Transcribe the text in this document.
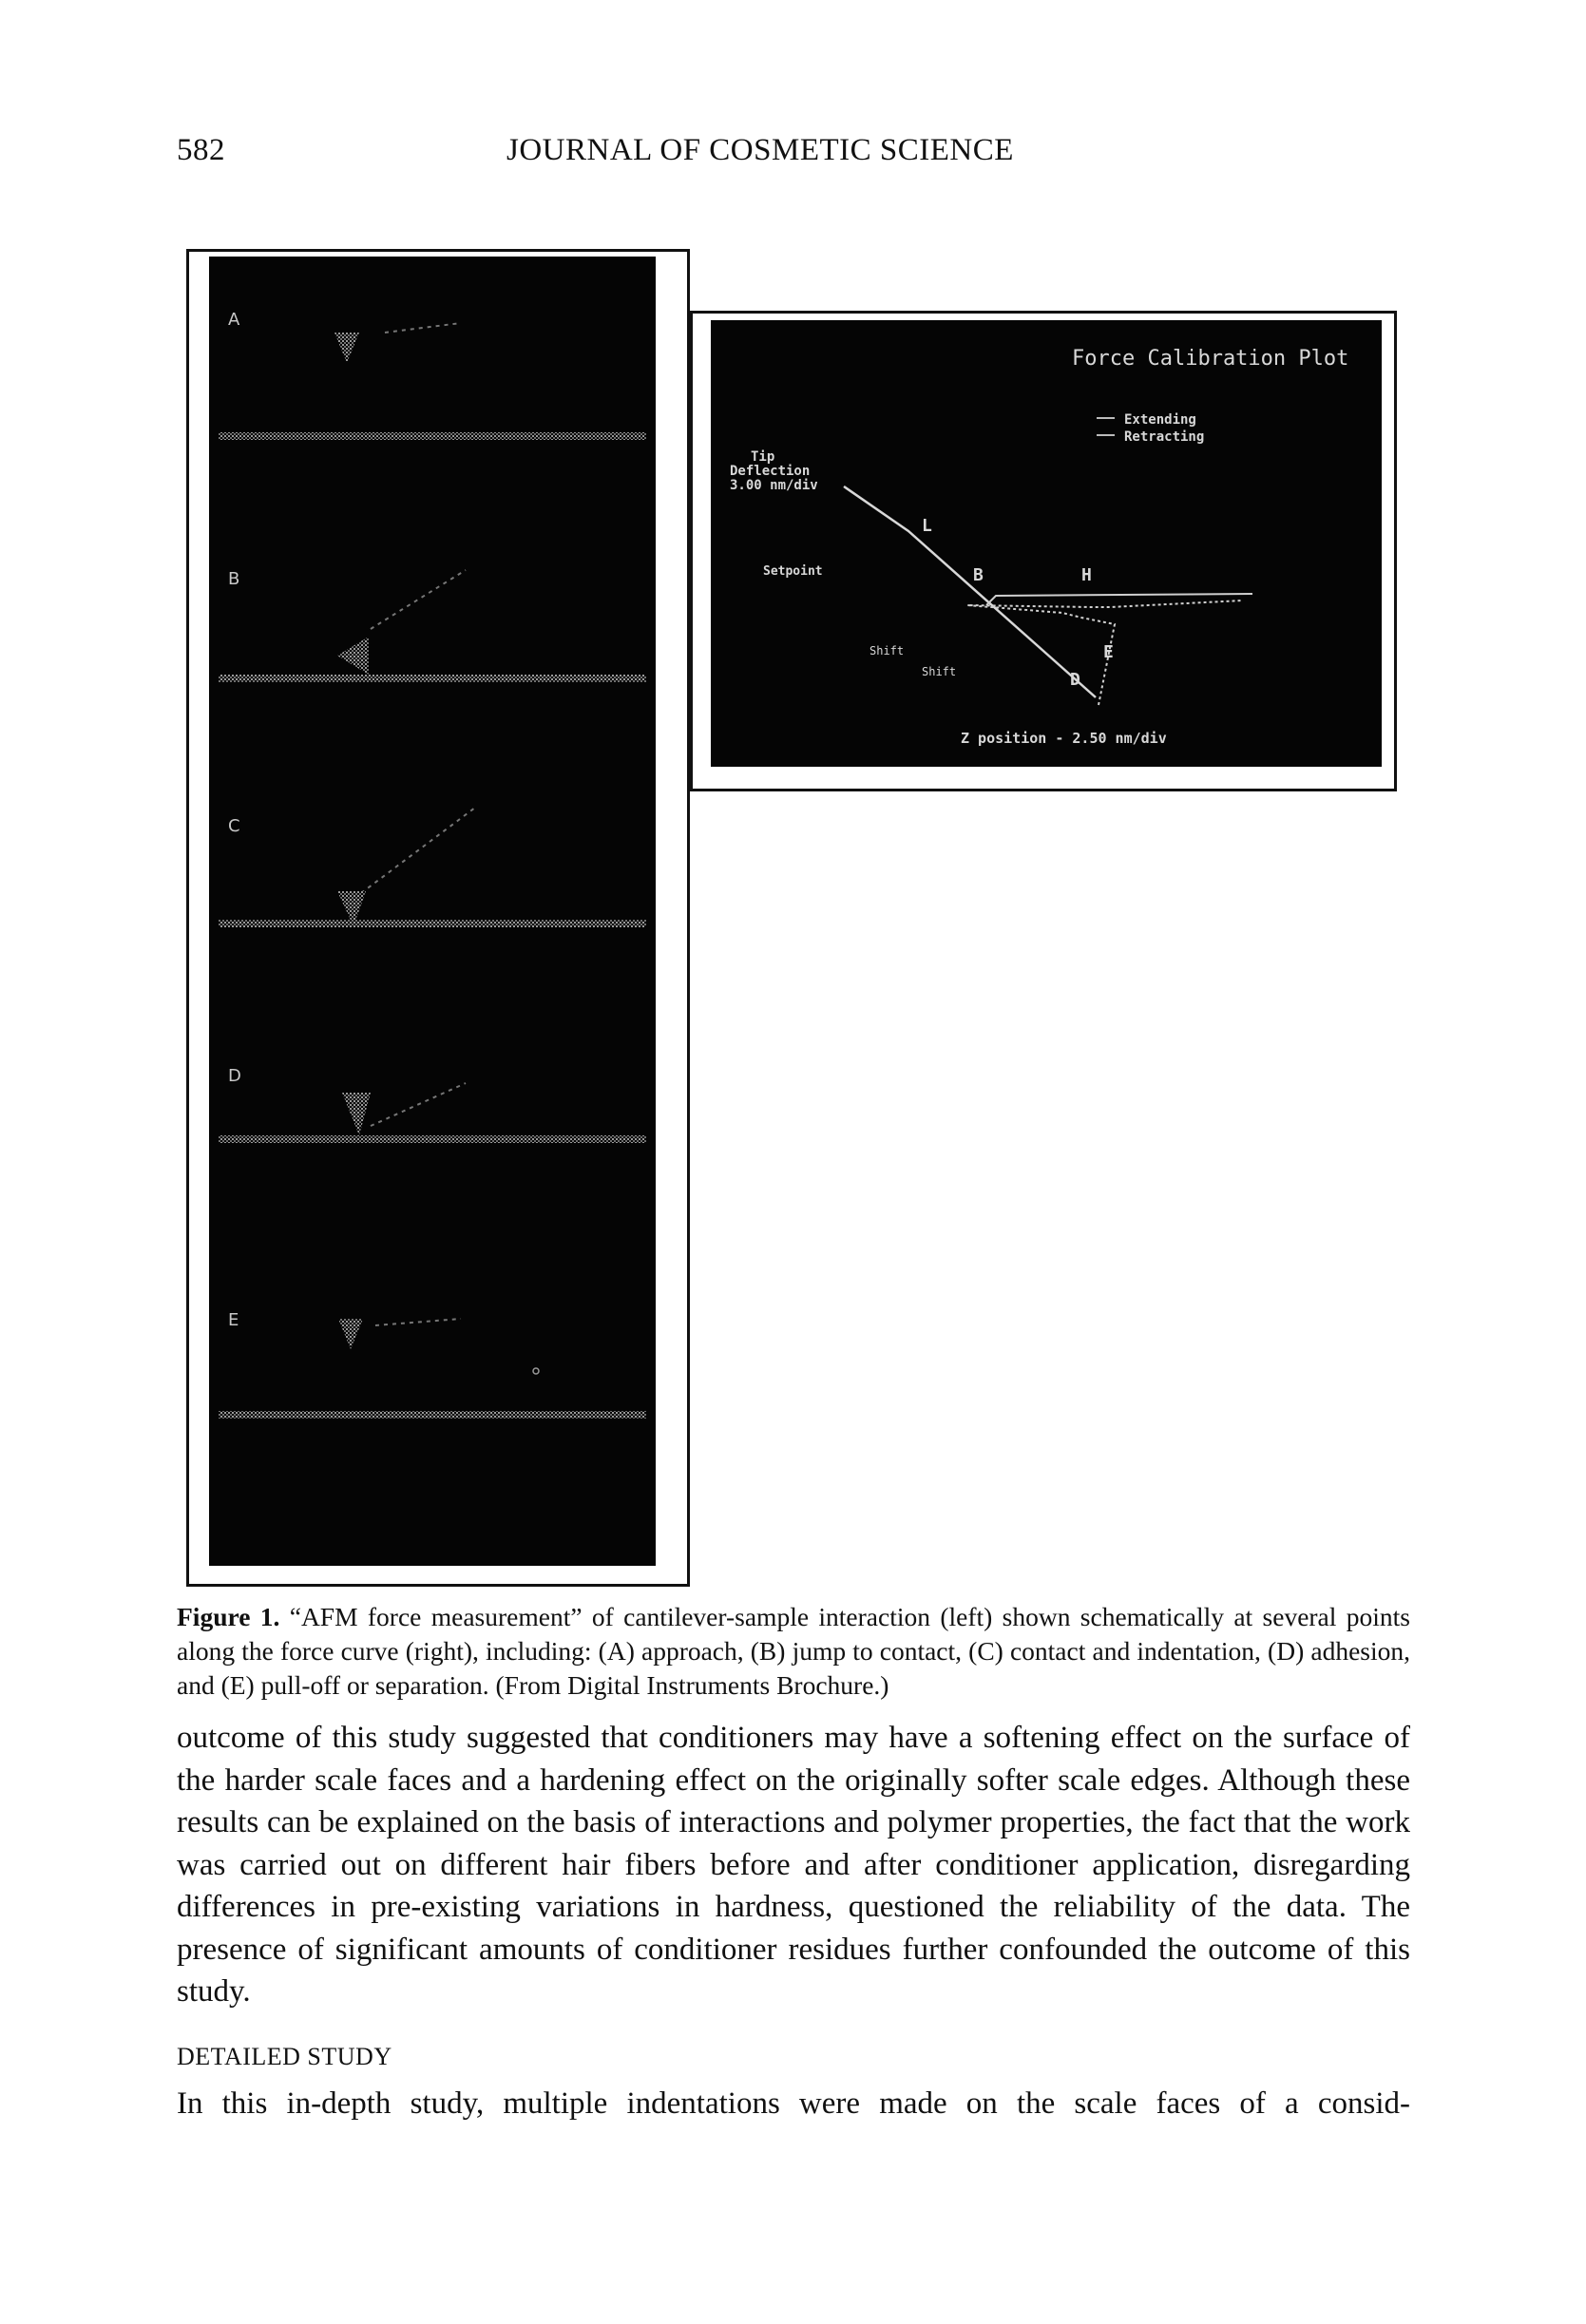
582	JOURNAL OF COSMETIC SCIENCE
A
B
C
D
E
Force Calibration Plot
Extending
Retracting
Tip
Deflection
3.00 nm/div
Setpoint
L
B	H
E
D
Shift
Shift
Z position - 2.50 nm/div
Figure 1. “AFM force measurement” of cantilever-sample interaction (left) shown schematically at several points along the force curve (right), including: (A) approach, (B) jump to contact, (C) contact and indentation, (D) adhesion, and (E) pull-off or separation. (From Digital Instruments Brochure.)
outcome of this study suggested that conditioners may have a softening effect on the surface of the harder scale faces and a hardening effect on the originally softer scale edges. Although these results can be explained on the basis of interactions and polymer properties, the fact that the work was carried out on different hair fibers before and after conditioner application, disregarding differences in pre-existing variations in hardness, questioned the reliability of the data. The presence of significant amounts of conditioner residues further confounded the outcome of this study.
DETAILED STUDY
In this in-depth study, multiple indentations were made on the scale faces of a consid-
